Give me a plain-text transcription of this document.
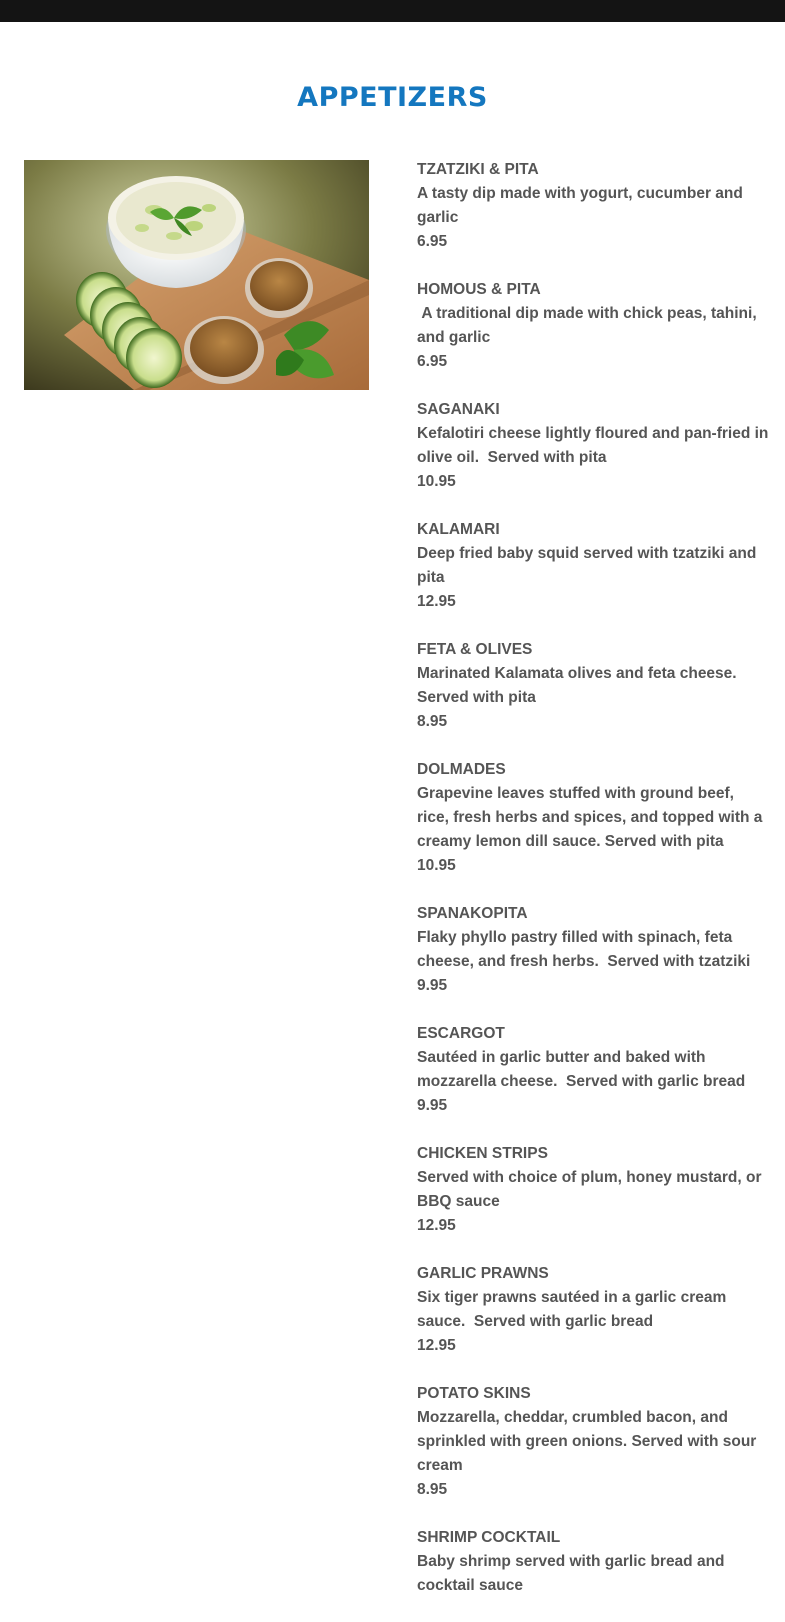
APPETIZERS
TZATZIKI & PITA
A tasty dip made with yogurt, cucumber and garlic
6.95
HOMOUS & PITA
A traditional dip made with chick peas, tahini, and garlic
6.95
SAGANAKI
Kefalotiri cheese lightly floured and pan-fried in olive oil.  Served with pita
10.95
KALAMARI
Deep fried baby squid served with tzatziki and pita
12.95
FETA & OLIVES
Marinated Kalamata olives and feta cheese.  Served with pita
8.95
DOLMADES
Grapevine leaves stuffed with ground beef, rice, fresh herbs and spices, and topped with a creamy lemon dill sauce. Served with pita
10.95
SPANAKOPITA
Flaky phyllo pastry filled with spinach, feta cheese, and fresh herbs.  Served with tzatziki
9.95
ESCARGOT
Sautéed in garlic butter and baked with mozzarella cheese.  Served with garlic bread
9.95
CHICKEN STRIPS
Served with choice of plum, honey mustard, or BBQ sauce
12.95
GARLIC PRAWNS
Six tiger prawns sautéed in a garlic cream sauce.  Served with garlic bread
12.95
POTATO SKINS
Mozzarella, cheddar, crumbled bacon, and sprinkled with green onions. Served with sour cream
8.95
SHRIMP COCKTAIL
Baby shrimp served with garlic bread and cocktail sauce
